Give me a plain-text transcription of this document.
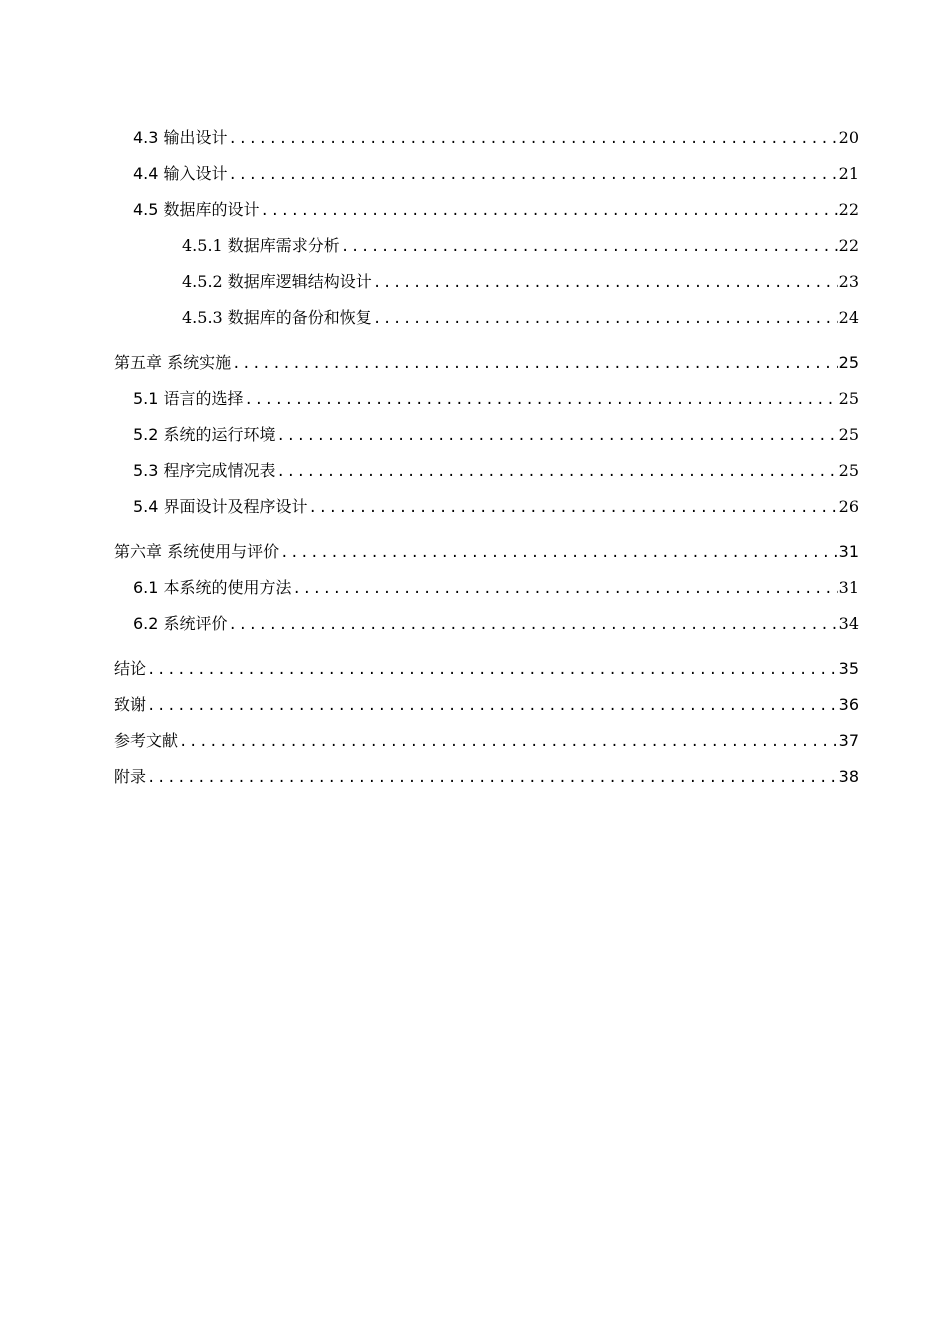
4.3 输出设计 .....	20
4.4 输入设计 .....	21
4.5 数据库的设计 .....	22
4.5.1 数据库需求分析 .....	22
4.5.2 数据库逻辑结构设计 .....	23
4.5.3 数据库的备份和恢复 .....	24
第五章 系统实施 .....	25
5.1 语言的选择 .....	25
5.2 系统的运行环境 .....	25
5.3 程序完成情况表 .....	25
5.4 界面设计及程序设计 .....	26
第六章 系统使用与评价 .....	31
6.1 本系统的使用方法 .....	31
6.2 系统评价 .....	34
结论 .....	35
致谢 .....	36
参考文献 .....	37
附录 .....	38
